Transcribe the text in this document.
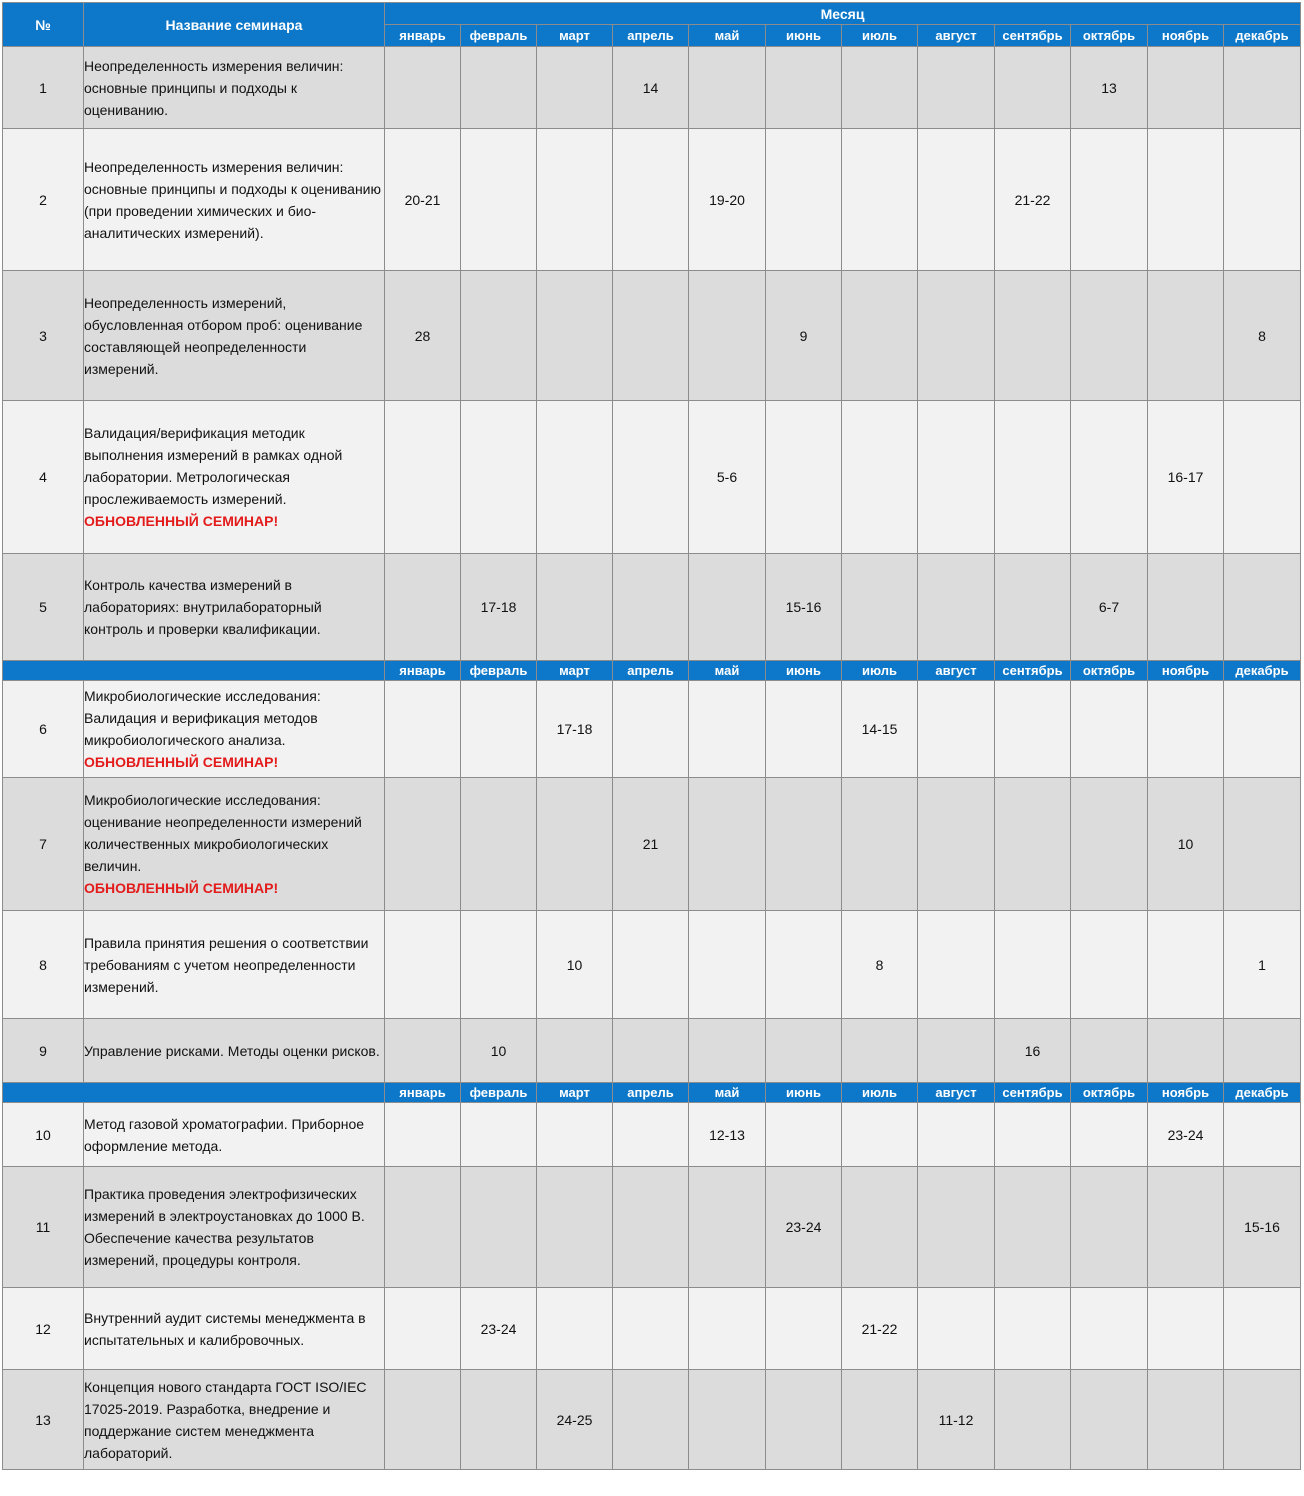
№	Название семинара	Месяц											
		январь	февраль	март	апрель	май	июнь	июль	август	сентябрь	октябрь	ноябрь	декабрь
1	Неопределенность измерения величин: основные принципы и подходы к оцениванию.				14						13		
2	Неопределенность измерения величин: основные принципы и подходы к оцениванию (при проведении химических и био-аналитических измерений).	20-21				19-20				21-22			
3	Неопределенность измерений, обусловленная отбором проб: оценивание составляющей неопределенности измерений.	28					9						8
4	Валидация/верификация методик выполнения измерений в рамках одной лаборатории. Метрологическая прослеживаемость измерений.
ОБНОВЛЕННЫЙ СЕМИНАР!					5-6						16-17	
5	Контроль качества измерений в лабораториях: внутрилабораторный контроль и проверки квалификации.		17-18				15-16				6-7		
		январь	февраль	март	апрель	май	июнь	июль	август	сентябрь	октябрь	ноябрь	декабрь
6	Микробиологические исследования: Валидация и верификация методов микробиологического анализа.
ОБНОВЛЕННЫЙ СЕМИНАР!			17-18				14-15					
7	Микробиологические исследования: оценивание неопределенности измерений количественных микробиологических величин.
ОБНОВЛЕННЫЙ СЕМИНАР!				21							10	
8	Правила принятия решения о соответствии требованиям с учетом неопределенности измерений.			10				8					1
9	Управление рисками. Методы оценки рисков.		10							16			
		январь	февраль	март	апрель	май	июнь	июль	август	сентябрь	октябрь	ноябрь	декабрь
10	Метод газовой хроматографии. Приборное оформление метода.					12-13						23-24	
11	Практика проведения электрофизических измерений в электроустановках до 1000 В. Обеспечение качества результатов измерений, процедуры контроля.						23-24						15-16
12	Внутренний аудит системы менеджмента в испытательных и калибровочных.		23-24					21-22					
13	Концепция нового стандарта ГОСТ ISO/IEC 17025-2019. Разработка, внедрение и поддержание систем менеджмента лабораторий.			24-25					11-12				
